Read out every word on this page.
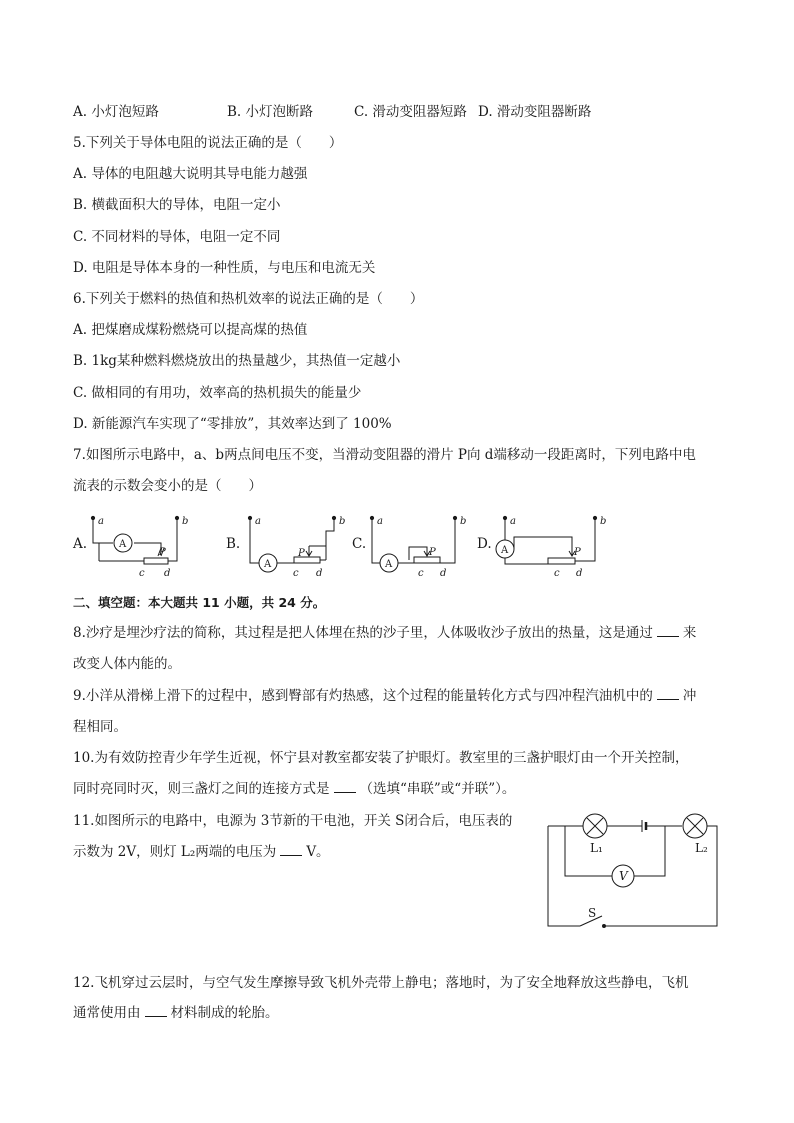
A. 小灯泡短路	B. 小灯泡断路	C. 滑动变阻器短路 D. 滑动变阻器断路
5.下列关于导体电阻的说法正确的是（　　）
A. 导体的电阻越大说明其导电能力越强
B. 横截面积大的导体，电阻一定小
C. 不同材料的导体，电阻一定不同
D. 电阻是导体本身的一种性质，与电压和电流无关
6.下列关于燃料的热值和热机效率的说法正确的是（　　）
A. 把煤磨成煤粉燃烧可以提高煤的热值
B. 1kg某种燃料燃烧放出的热量越少，其热值一定越小
C. 做相同的有用功，效率高的热机损失的能量少
D. 新能源汽车实现了“零排放”，其效率达到了 100%
7.如图所示电路中，a、b两点间电压不变，当滑动变阻器的滑片 P向 d端移动一段距离时，下列电路中电
流表的示数会变小的是（　　）
A.	B.	C.	D.
A
a	b
P
c d
A
a	b
P
c d
A
a	b
P
c d
A
a	b
P
c d
二、填空题：本大题共 11 小题，共 24 分。
8.沙疗是埋沙疗法的简称，其过程是把人体埋在热的沙子里，人体吸收沙子放出的热量，这是通过 来
改变人体内能的。
9.小洋从滑梯上滑下的过程中，感到臀部有灼热感，这个过程的能量转化方式与四冲程汽油机中的 冲
程相同。
10.为有效防控青少年学生近视，怀宁县对教室都安装了护眼灯。教室里的三盏护眼灯由一个开关控制，
同时亮同时灭，则三盏灯之间的连接方式是 （选填“串联”或“并联”）。
11.如图所示的电路中，电源为 3节新的干电池，开关 S闭合后，电压表的
示数为 2V，则灯 L₂两端的电压为 V。
V
L₁	L₂
S
12.飞机穿过云层时，与空气发生摩擦导致飞机外壳带上静电；落地时，为了安全地释放这些静电，飞机
通常使用由 材料制成的轮胎。
